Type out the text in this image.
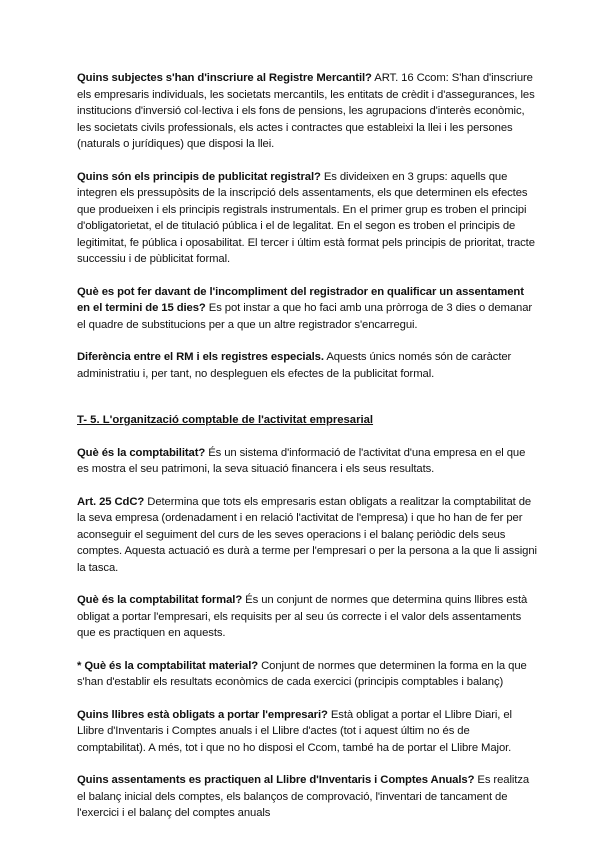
Quins subjectes s'han d'inscriure al Registre Mercantil? ART. 16 Ccom: S'han d'inscriure els empresaris individuals, les societats mercantils, les entitats de crèdit i d'assegurances, les institucions d'inversió col·lectiva i els fons de pensions, les agrupacions d'interès econòmic, les societats civils professionals, els actes i contractes que estableixi la llei i les persones (naturals o jurídiques) que disposi la llei.

Quins són els principis de publicitat registral? Es divideixen en 3 grups: aquells que integren els pressupòsits de la inscripció dels assentaments, els que determinen els efectes que produeixen i els principis registrals instrumentals. En el primer grup es troben el principi d'obligatorietat, el de titulació pública i el de legalitat. En el segon es troben el principis de legitimitat, fe pública i oposabilitat. El tercer i últim està format pels principis de prioritat, tracte successiu i de pùblicitat formal.

Què es pot fer davant de l'incompliment del registrador en qualificar un assentament en el termini de 15 dies? Es pot instar a que ho faci amb una pròrroga de 3 dies o demanar el quadre de substitucions per a que un altre registrador s'encarregui.

Diferència entre el RM i els registres especials. Aquests únics només són de caràcter administratiu i, per tant, no despleguen els efectes de la publicitat formal.

T- 5. L'organització comptable de l'activitat empresarial

Què és la comptabilitat? És un sistema d'informació de l'activitat d'una empresa en el que es mostra el seu patrimoni, la seva situació financera i els seus resultats.

Art. 25 CdC? Determina que tots els empresaris estan obligats a realitzar la comptabilitat de la seva empresa (ordenadament i en relació l'activitat de l'empresa) i que ho han de fer per aconseguir el seguiment del curs de les seves operacions i el balanç periòdic dels seus comptes. Aquesta actuació es durà a terme per l'empresari o per la persona a la que li assigni la tasca.

Què és la comptabilitat formal? És un conjunt de normes que determina quins llibres està obligat a portar l'empresari, els requisits per al seu ús correcte i el valor dels assentaments que es practiquen en aquests.

* Què és la comptabilitat material? Conjunt de normes que determinen la forma en la que s'han d'establir els resultats econòmics de cada exercici (principis comptables i balanç)

Quins llibres està obligats a portar l'empresari? Està obligat a portar el Llibre Diari, el Llibre d'Inventaris i Comptes anuals i el Llibre d'actes (tot i aquest últim no és de comptabilitat). A més, tot i que no ho disposi el Ccom, també ha de portar el Llibre Major.

Quins assentaments es practiquen al Llibre d'Inventaris i Comptes Anuals? Es realitza el balanç inicial dels comptes, els balanços de comprovació, l'inventari de tancament de l'exercici i el balanç del comptes anuals
